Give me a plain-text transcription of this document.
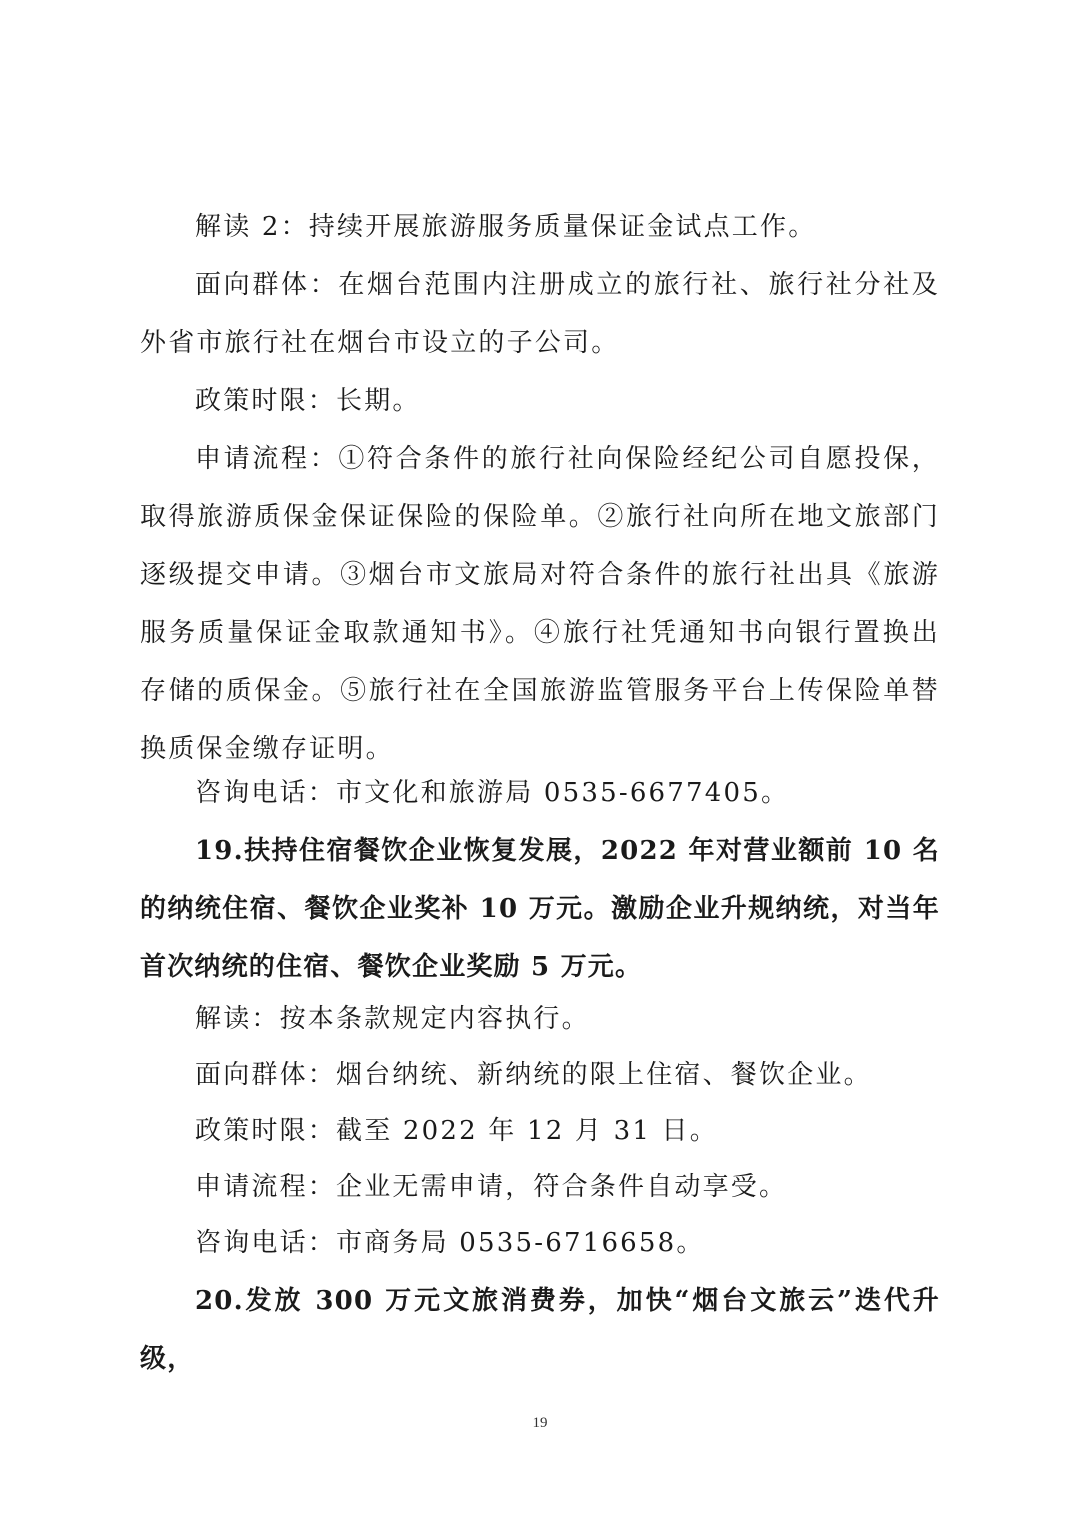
解读 2：持续开展旅游服务质量保证金试点工作。

面向群体：在烟台范围内注册成立的旅行社、旅行社分社及外省市旅行社在烟台市设立的子公司。

政策时限：长期。

申请流程：①符合条件的旅行社向保险经纪公司自愿投保，取得旅游质保金保证保险的保险单。②旅行社向所在地文旅部门逐级提交申请。③烟台市文旅局对符合条件的旅行社出具《旅游服务质量保证金取款通知书》。④旅行社凭通知书向银行置换出存储的质保金。⑤旅行社在全国旅游监管服务平台上传保险单替换质保金缴存证明。

咨询电话：市文化和旅游局 0535-6677405。

19.扶持住宿餐饮企业恢复发展，2022 年对营业额前 10 名的纳统住宿、餐饮企业奖补 10 万元。激励企业升规纳统，对当年首次纳统的住宿、餐饮企业奖励 5 万元。

解读：按本条款规定内容执行。

面向群体：烟台纳统、新纳统的限上住宿、餐饮企业。

政策时限：截至 2022 年 12 月 31 日。

申请流程：企业无需申请，符合条件自动享受。

咨询电话：市商务局 0535-6716658。

20.发放 300 万元文旅消费券，加快“烟台文旅云”迭代升级，

19
